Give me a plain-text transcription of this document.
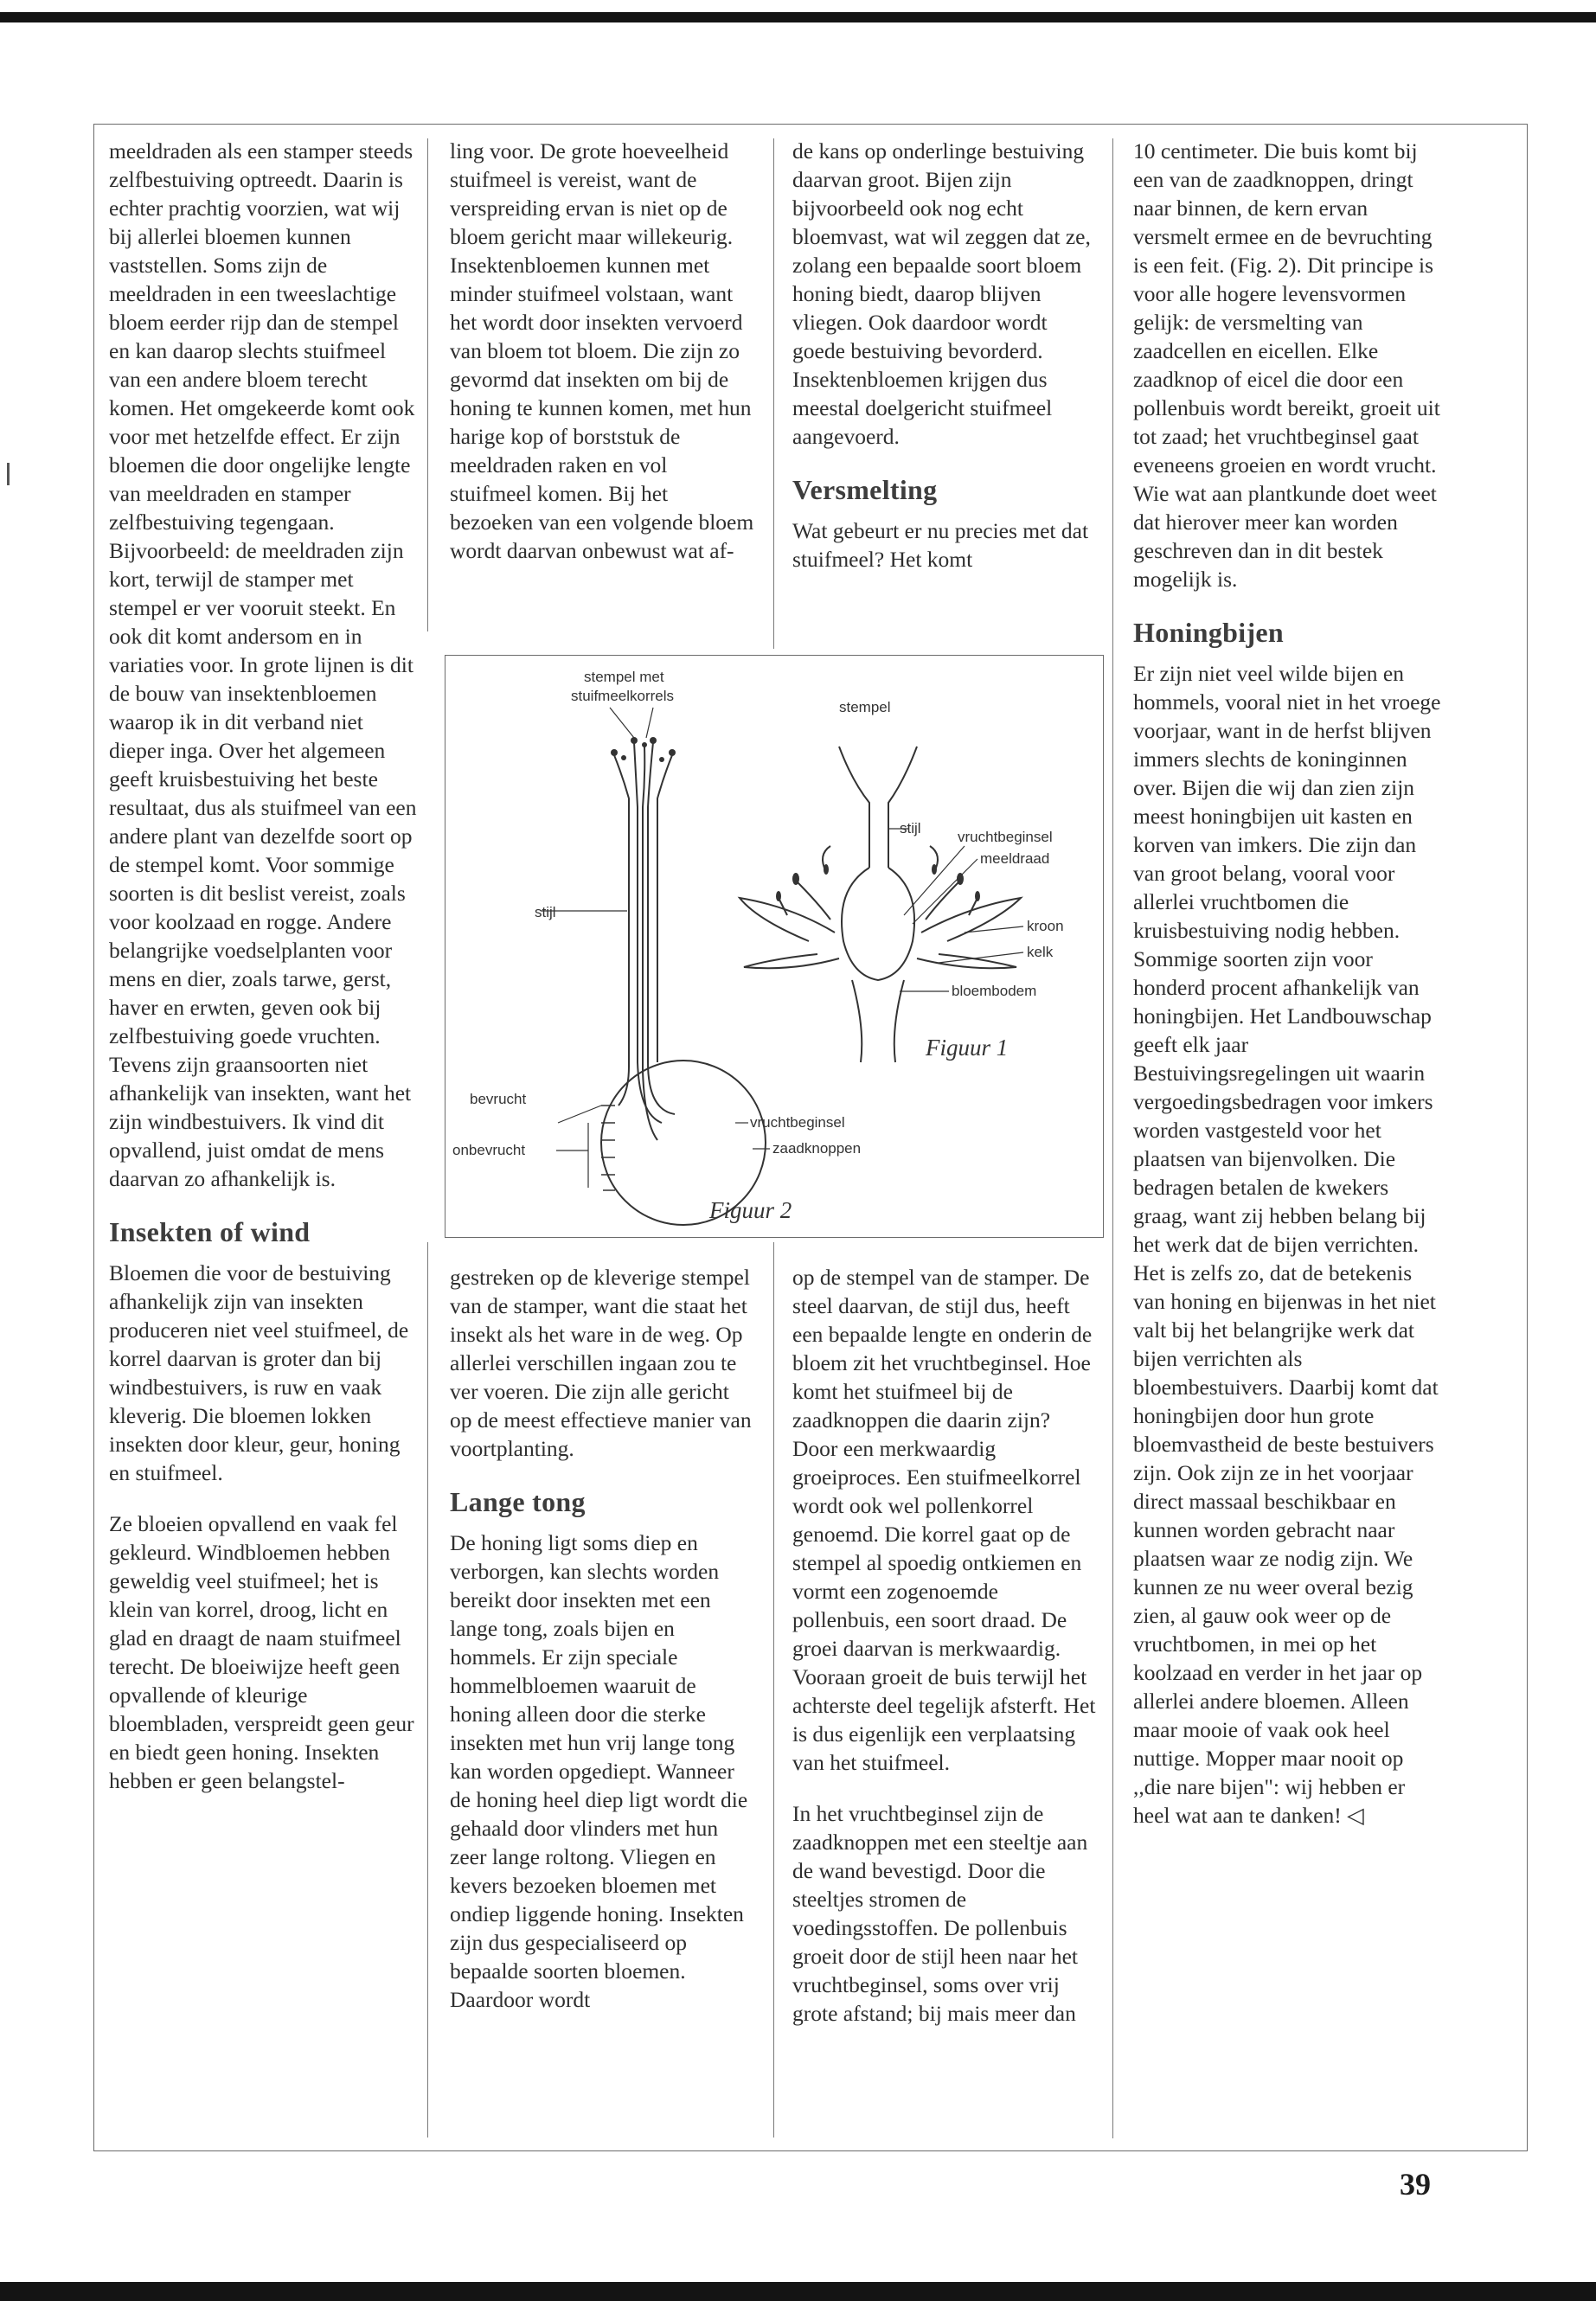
meeldraden als een stamper steeds zelfbestuiving optreedt. Daarin is echter prachtig voorzien, wat wij bij allerlei bloemen kunnen vaststellen. Soms zijn de meeldraden in een tweeslachtige bloem eerder rijp dan de stempel en kan daarop slechts stuifmeel van een andere bloem terecht komen. Het omgekeerde komt ook voor met hetzelfde effect. Er zijn bloemen die door ongelijke lengte van meeldraden en stamper zelfbestuiving tegengaan. Bijvoorbeeld: de meeldraden zijn kort, terwijl de stamper met stempel er ver vooruit steekt. En ook dit komt andersom en in variaties voor. In grote lijnen is dit de bouw van insektenbloemen waarop ik in dit verband niet dieper inga. Over het algemeen geeft kruisbestuiving het beste resultaat, dus als stuifmeel van een andere plant van dezelfde soort op de stempel komt. Voor sommige soorten is dit beslist vereist, zoals voor koolzaad en rogge. Andere belangrijke voedselplanten voor mens en dier, zoals tarwe, gerst, haver en erwten, geven ook bij zelfbestuiving goede vruchten. Tevens zijn graansoorten niet afhankelijk van insekten, want het zijn windbestuivers. Ik vind dit opvallend, juist omdat de mens daarvan zo afhankelijk is.

Insekten of wind

Bloemen die voor de bestuiving afhankelijk zijn van insekten produceren niet veel stuifmeel, de korrel daarvan is groter dan bij windbestuivers, is ruw en vaak kleverig. Die bloemen lokken insekten door kleur, geur, honing en stuifmeel.

Ze bloeien opvallend en vaak fel gekleurd. Windbloemen hebben geweldig veel stuifmeel; het is klein van korrel, droog, licht en glad en draagt de naam stuifmeel terecht. De bloeiwijze heeft geen opvallende of kleurige bloembladen, verspreidt geen geur en biedt geen honing. Insekten hebben er geen belangstel-

ling voor. De grote hoeveelheid stuifmeel is vereist, want de verspreiding ervan is niet op de bloem gericht maar willekeurig. Insektenbloemen kunnen met minder stuifmeel volstaan, want het wordt door insekten vervoerd van bloem tot bloem. Die zijn zo gevormd dat insekten om bij de honing te kunnen komen, met hun harige kop of borststuk de meeldraden raken en vol stuifmeel komen. Bij het bezoeken van een volgende bloem wordt daarvan onbewust wat af-

de kans op onderlinge bestuiving daarvan groot. Bijen zijn bijvoorbeeld ook nog echt bloemvast, wat wil zeggen dat ze, zolang een bepaalde soort bloem honing biedt, daarop blijven vliegen. Ook daardoor wordt goede bestuiving bevorderd. Insektenbloemen krijgen dus meestal doelgericht stuifmeel aangevoerd.

Versmelting

Wat gebeurt er nu precies met dat stuifmeel? Het komt

stempel met
stuifmeelkorrels
stijl
bevrucht
onbevrucht
vruchtbeginsel
zaadknoppen
Figuur 2
stempel
stijl
vruchtbeginsel
meeldraad
kroon
kelk
bloembodem
Figuur 1

gestreken op de kleverige stempel van de stamper, want die staat het insekt als het ware in de weg. Op allerlei verschillen ingaan zou te ver voeren. Die zijn alle gericht op de meest effectieve manier van voortplanting.

Lange tong

De honing ligt soms diep en verborgen, kan slechts worden bereikt door insekten met een lange tong, zoals bijen en hommels. Er zijn speciale hommelbloemen waaruit de honing alleen door die sterke insekten met hun vrij lange tong kan worden opgediept. Wanneer de honing heel diep ligt wordt die gehaald door vlinders met hun zeer lange roltong. Vliegen en kevers bezoeken bloemen met ondiep liggende honing. Insekten zijn dus gespecialiseerd op bepaalde soorten bloemen. Daardoor wordt

op de stempel van de stamper. De steel daarvan, de stijl dus, heeft een bepaalde lengte en onderin de bloem zit het vruchtbeginsel. Hoe komt het stuifmeel bij de zaadknoppen die daarin zijn? Door een merkwaardig groeiproces. Een stuifmeelkorrel wordt ook wel pollenkorrel genoemd. Die korrel gaat op de stempel al spoedig ontkiemen en vormt een zogenoemde pollenbuis, een soort draad. De groei daarvan is merkwaardig. Vooraan groeit de buis terwijl het achterste deel tegelijk afsterft. Het is dus eigenlijk een verplaatsing van het stuifmeel.

In het vruchtbeginsel zijn de zaadknoppen met een steeltje aan de wand bevestigd. Door die steeltjes stromen de voedingsstoffen. De pollenbuis groeit door de stijl heen naar het vruchtbeginsel, soms over vrij grote afstand; bij mais meer dan

10 centimeter. Die buis komt bij een van de zaadknoppen, dringt naar binnen, de kern ervan versmelt ermee en de bevruchting is een feit. (Fig. 2). Dit principe is voor alle hogere levensvormen gelijk: de versmelting van zaadcellen en eicellen. Elke zaadknop of eicel die door een pollenbuis wordt bereikt, groeit uit tot zaad; het vruchtbeginsel gaat eveneens groeien en wordt vrucht. Wie wat aan plantkunde doet weet dat hierover meer kan worden geschreven dan in dit bestek mogelijk is.

Honingbijen

Er zijn niet veel wilde bijen en hommels, vooral niet in het vroege voorjaar, want in de herfst blijven immers slechts de koninginnen over. Bijen die wij dan zien zijn meest honingbijen uit kasten en korven van imkers. Die zijn dan van groot belang, vooral voor allerlei vruchtbomen die kruisbestuiving nodig hebben. Sommige soorten zijn voor honderd procent afhankelijk van honingbijen. Het Landbouwschap geeft elk jaar Bestuivingsregelingen uit waarin vergoedingsbedragen voor imkers worden vastgesteld voor het plaatsen van bijenvolken. Die bedragen betalen de kwekers graag, want zij hebben belang bij het werk dat de bijen verrichten. Het is zelfs zo, dat de betekenis van honing en bijenwas in het niet valt bij het belangrijke werk dat bijen verrichten als bloembestuivers. Daarbij komt dat honingbijen door hun grote bloemvastheid de beste bestuivers zijn. Ook zijn ze in het voorjaar direct massaal beschikbaar en kunnen worden gebracht naar plaatsen waar ze nodig zijn. We kunnen ze nu weer overal bezig zien, al gauw ook weer op de vruchtbomen, in mei op het koolzaad en verder in het jaar op allerlei andere bloemen. Alleen maar mooie of vaak ook heel nuttige. Mopper maar nooit op ,,die nare bijen": wij hebben er heel wat aan te danken! ◁

39
